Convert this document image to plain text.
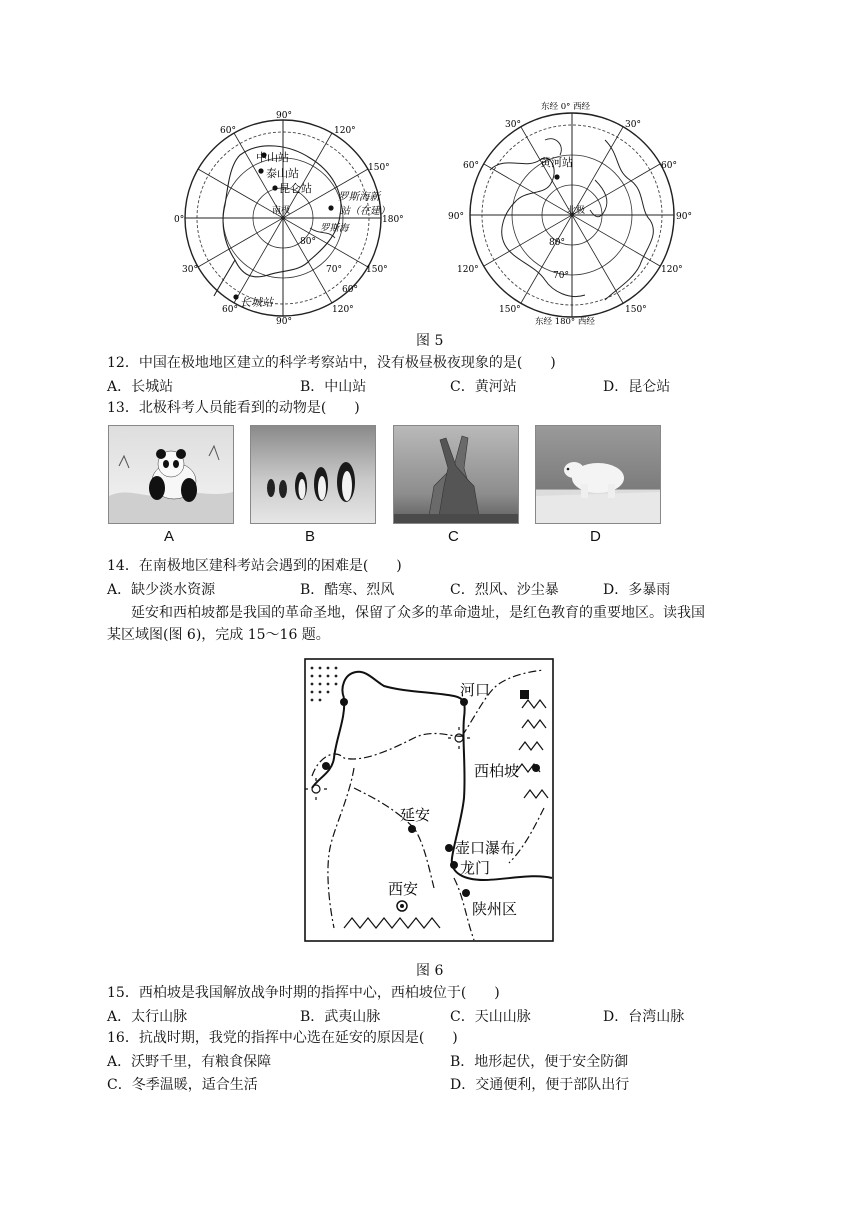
90°
60°	120°
150°
180°
0°
30°	150°
60°
90°
120°
80°
70°
60°
南极
中山站
泰山站
昆仑站
罗斯海新
站（在建）
罗斯海
长城站
东经 0° 西经
30°	30°
60°	60°
90°	90°
120°	120°
150°	150°
东经 180° 西经
80°
70°
北极
黄河站
图 5
12．中国在极地地区建立的科学考察站中，没有极昼极夜现象的是(　　)
A．长城站	B．中山站	C．黄河站	D．昆仑站
13．北极科考人员能看到的动物是(　　)
A	B	C	D
14．在南极地区建科考站会遇到的困难是(　　)
A．缺少淡水资源	B．酷寒、烈风	C．烈风、沙尘暴	D．多暴雨
延安和西柏坡都是我国的革命圣地，保留了众多的革命遗址，是红色教育的重要地区。读我国
某区域图(图 6)，完成 15～16 题。
河口
西柏坡
延安
壶口瀑布
龙门
西安
陕州区
图 6
15．西柏坡是我国解放战争时期的指挥中心，西柏坡位于(　　)
A．太行山脉	B．武夷山脉	C．天山山脉	D．台湾山脉
16．抗战时期，我党的指挥中心选在延安的原因是(　　)
A．沃野千里，有粮食保障	B．地形起伏，便于安全防御
C．冬季温暖，适合生活	D．交通便利，便于部队出行
